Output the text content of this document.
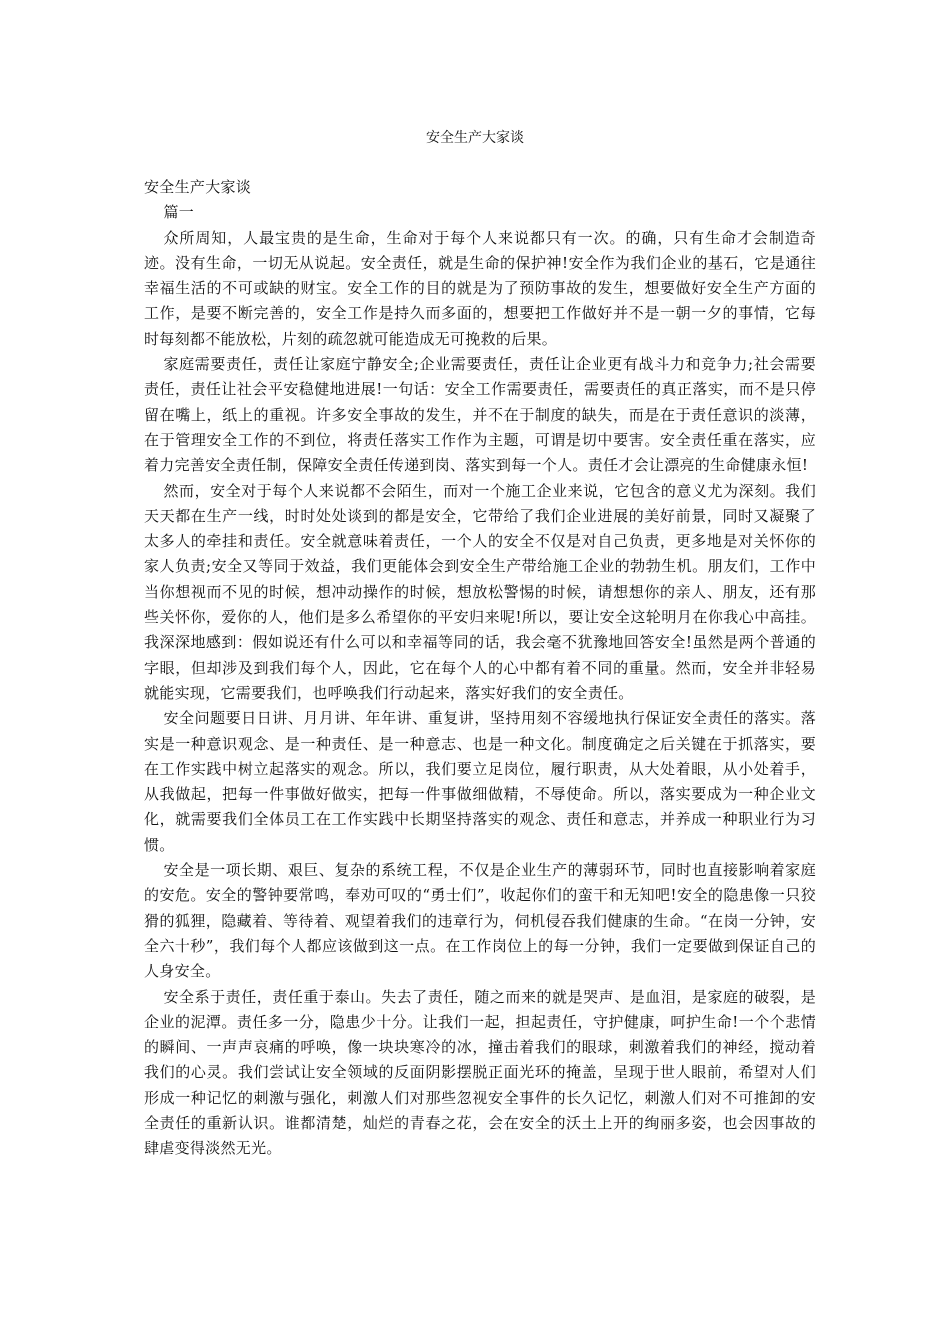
安全生产大家谈

安全生产大家谈

篇一

众所周知，人最宝贵的是生命，生命对于每个人来说都只有一次。的确，只有生命才会制造奇迹。没有生命，一切无从说起。安全责任，就是生命的保护神!安全作为我们企业的基石，它是通往幸福生活的不可或缺的财宝。安全工作的目的就是为了预防事故的发生，想要做好安全生产方面的工作，是要不断完善的，安全工作是持久而多面的，想要把工作做好并不是一朝一夕的事情，它每时每刻都不能放松，片刻的疏忽就可能造成无可挽救的后果。

家庭需要责任，责任让家庭宁静安全;企业需要责任，责任让企业更有战斗力和竞争力;社会需要责任，责任让社会平安稳健地进展!一句话：安全工作需要责任，需要责任的真正落实，而不是只停留在嘴上，纸上的重视。许多安全事故的发生，并不在于制度的缺失，而是在于责任意识的淡薄，在于管理安全工作的不到位，将责任落实工作作为主题，可谓是切中要害。安全责任重在落实，应着力完善安全责任制，保障安全责任传递到岗、落实到每一个人。责任才会让漂亮的生命健康永恒!

然而，安全对于每个人来说都不会陌生，而对一个施工企业来说，它包含的意义尤为深刻。我们天天都在生产一线，时时处处谈到的都是安全，它带给了我们企业进展的美好前景，同时又凝聚了太多人的牵挂和责任。安全就意味着责任，一个人的安全不仅是对自己负责，更多地是对关怀你的家人负责;安全又等同于效益，我们更能体会到安全生产带给施工企业的勃勃生机。朋友们，工作中当你想视而不见的时候，想冲动操作的时候，想放松警惕的时候，请想想你的亲人、朋友，还有那些关怀你，爱你的人，他们是多么希望你的平安归来呢!所以，要让安全这轮明月在你我心中高挂。我深深地感到：假如说还有什么可以和幸福等同的话，我会毫不犹豫地回答安全!虽然是两个普通的字眼，但却涉及到我们每个人，因此，它在每个人的心中都有着不同的重量。然而，安全并非轻易就能实现，它需要我们，也呼唤我们行动起来，落实好我们的安全责任。

安全问题要日日讲、月月讲、年年讲、重复讲，坚持用刻不容缓地执行保证安全责任的落实。落实是一种意识观念、是一种责任、是一种意志、也是一种文化。制度确定之后关键在于抓落实，要在工作实践中树立起落实的观念。所以，我们要立足岗位，履行职责，从大处着眼，从小处着手，从我做起，把每一件事做好做实，把每一件事做细做精，不辱使命。所以，落实要成为一种企业文化，就需要我们全体员工在工作实践中长期坚持落实的观念、责任和意志，并养成一种职业行为习惯。

安全是一项长期、艰巨、复杂的系统工程，不仅是企业生产的薄弱环节，同时也直接影响着家庭的安危。安全的警钟要常鸣，奉劝可叹的“勇士们”，收起你们的蛮干和无知吧!安全的隐患像一只狡猾的狐狸，隐藏着、等待着、观望着我们的违章行为，伺机侵吞我们健康的生命。“在岗一分钟，安全六十秒”，我们每个人都应该做到这一点。在工作岗位上的每一分钟，我们一定要做到保证自己的人身安全。

安全系于责任，责任重于泰山。失去了责任，随之而来的就是哭声、是血泪，是家庭的破裂，是企业的泥潭。责任多一分，隐患少十分。让我们一起，担起责任，守护健康，呵护生命!一个个悲情的瞬间、一声声哀痛的呼唤，像一块块寒冷的冰，撞击着我们的眼球，刺激着我们的神经，搅动着我们的心灵。我们尝试让安全领域的反面阴影摆脱正面光环的掩盖，呈现于世人眼前，希望对人们形成一种记忆的刺激与强化，刺激人们对那些忽视安全事件的长久记忆，刺激人们对不可推卸的安全责任的重新认识。谁都清楚，灿烂的青春之花，会在安全的沃土上开的绚丽多姿，也会因事故的肆虐变得淡然无光。
